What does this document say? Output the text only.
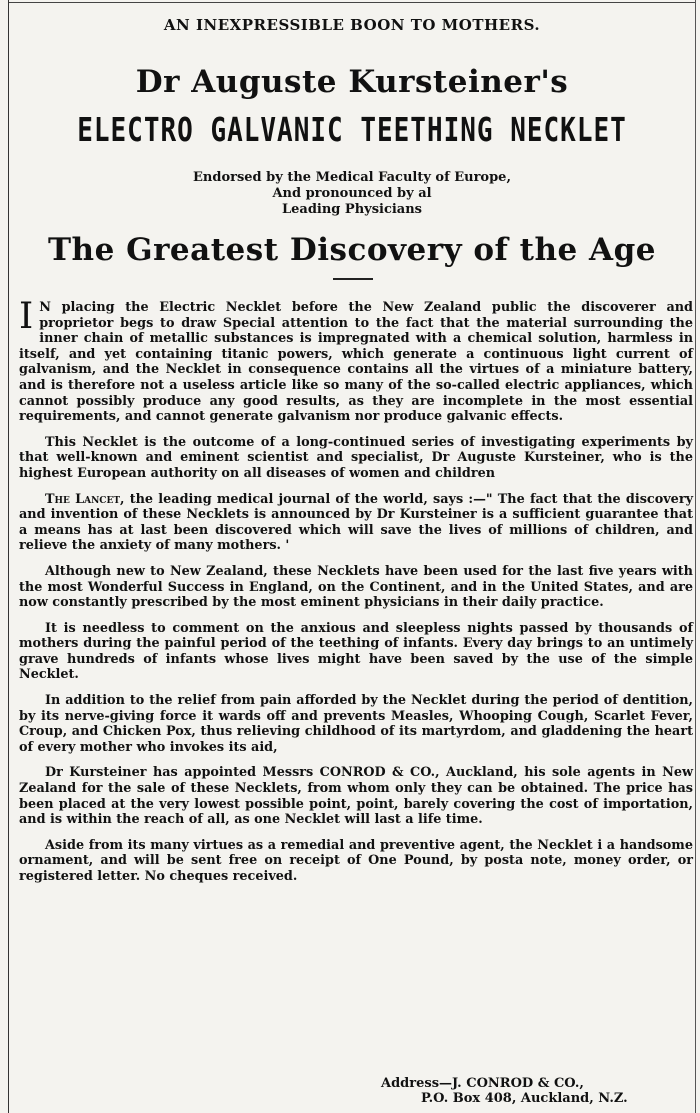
AN INEXPRESSIBLE BOON TO MOTHERS.
Dr Auguste Kursteiner's
ELECTRO GALVANIC TEETHING NECKLET
Endorsed by the Medical Faculty of Europe,
And pronounced by al
Leading Physicians
The Greatest Discovery of the Age

I N placing the Electric Necklet before the New Zealand public the discoverer and proprietor begs to draw Special attention to the fact that the material surrounding the inner chain of metallic substances is impregnated with a chemical solution, harmless in itself, and yet containing titanic powers, which generate a continuous light current of galvanism, and the Necklet in consequence contains all the virtues of a miniature battery, and is therefore not a useless article like so many of the so-called electric appliances, which cannot possibly produce any good results, as they are incomplete in the most essential requirements, and cannot generate galvanism nor produce galvanic effects.

This Necklet is the outcome of a long-continued series of investigating experiments by that well-known and eminent scientist and specialist, Dr Auguste Kursteiner, who is the highest European authority on all diseases of women and children

The Lancet, the leading medical journal of the world, says :—" The fact that the discovery and invention of these Necklets is announced by Dr Kursteiner is a sufficient guarantee that a means has at last been discovered which will save the lives of millions of children, and relieve the anxiety of many mothers. '

Although new to New Zealand, these Necklets have been used for the last five years with the most Wonderful Success in England, on the Continent, and in the United States, and are now constantly prescribed by the most eminent physicians in their daily practice.

It is needless to comment on the anxious and sleepless nights passed by thousands of mothers during the painful period of the teething of infants. Every day brings to an untimely grave hundreds of infants whose lives might have been saved by the use of the simple Necklet.

In addition to the relief from pain afforded by the Necklet during the period of dentition, by its nerve-giving force it wards off and prevents Measles, Whooping Cough, Scarlet Fever, Croup, and Chicken Pox, thus relieving childhood of its martyrdom, and gladdening the heart of every mother who invokes its aid,

Dr Kursteiner has appointed Messrs CONROD & CO., Auckland, his sole agents in New Zealand for the sale of these Necklets, from whom only they can be obtained. The price has been placed at the very lowest possible point, point, barely covering the cost of importation, and is within the reach of all, as one Necklet will last a life time.

Aside from its many virtues as a remedial and preventive agent, the Necklet i a handsome ornament, and will be sent free on receipt of One Pound, by posta note, money order, or registered letter. No cheques received.

Address—J. CONROD & CO.,
P.O. Box 408, Auckland, N.Z.
